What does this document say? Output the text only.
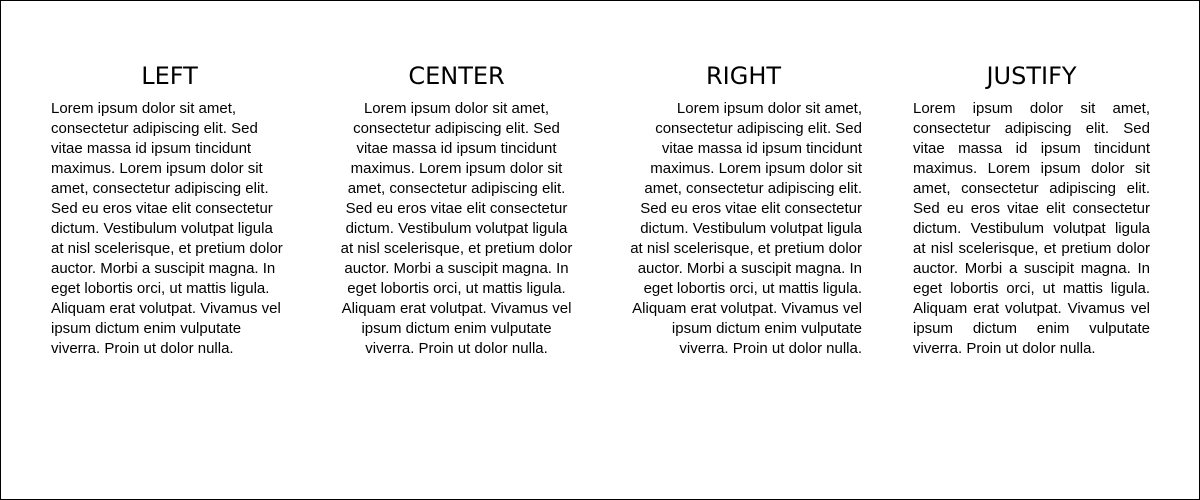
LEFT

Lorem ipsum dolor sit amet, consectetur adipiscing elit. Sed vitae massa id ipsum tincidunt maximus. Lorem ipsum dolor sit amet, consectetur adipiscing elit. Sed eu eros vitae elit consectetur dictum. Vestibulum volutpat ligula at nisl scelerisque, et pretium dolor auctor. Morbi a suscipit magna. In eget lobortis orci, ut mattis ligula. Aliquam erat volutpat. Vivamus vel ipsum dictum enim vulputate viverra. Proin ut dolor nulla.

CENTER

Lorem ipsum dolor sit amet, consectetur adipiscing elit. Sed vitae massa id ipsum tincidunt maximus. Lorem ipsum dolor sit amet, consectetur adipiscing elit. Sed eu eros vitae elit consectetur dictum. Vestibulum volutpat ligula at nisl scelerisque, et pretium dolor auctor. Morbi a suscipit magna. In eget lobortis orci, ut mattis ligula. Aliquam erat volutpat. Vivamus vel ipsum dictum enim vulputate viverra. Proin ut dolor nulla.

RIGHT

Lorem ipsum dolor sit amet, consectetur adipiscing elit. Sed vitae massa id ipsum tincidunt maximus. Lorem ipsum dolor sit amet, consectetur adipiscing elit. Sed eu eros vitae elit consectetur dictum. Vestibulum volutpat ligula at nisl scelerisque, et pretium dolor auctor. Morbi a suscipit magna. In eget lobortis orci, ut mattis ligula. Aliquam erat volutpat. Vivamus vel ipsum dictum enim vulputate viverra. Proin ut dolor nulla.

JUSTIFY

Lorem ipsum dolor sit amet, consectetur adipiscing elit. Sed vitae massa id ipsum tincidunt maximus. Lorem ipsum dolor sit amet, consectetur adipiscing elit. Sed eu eros vitae elit consectetur dictum. Vestibulum volutpat ligula at nisl scelerisque, et pretium dolor auctor. Morbi a suscipit magna. In eget lobortis orci, ut mattis ligula. Aliquam erat volutpat. Vivamus vel ipsum dictum enim vulputate viverra. Proin ut dolor nulla.
